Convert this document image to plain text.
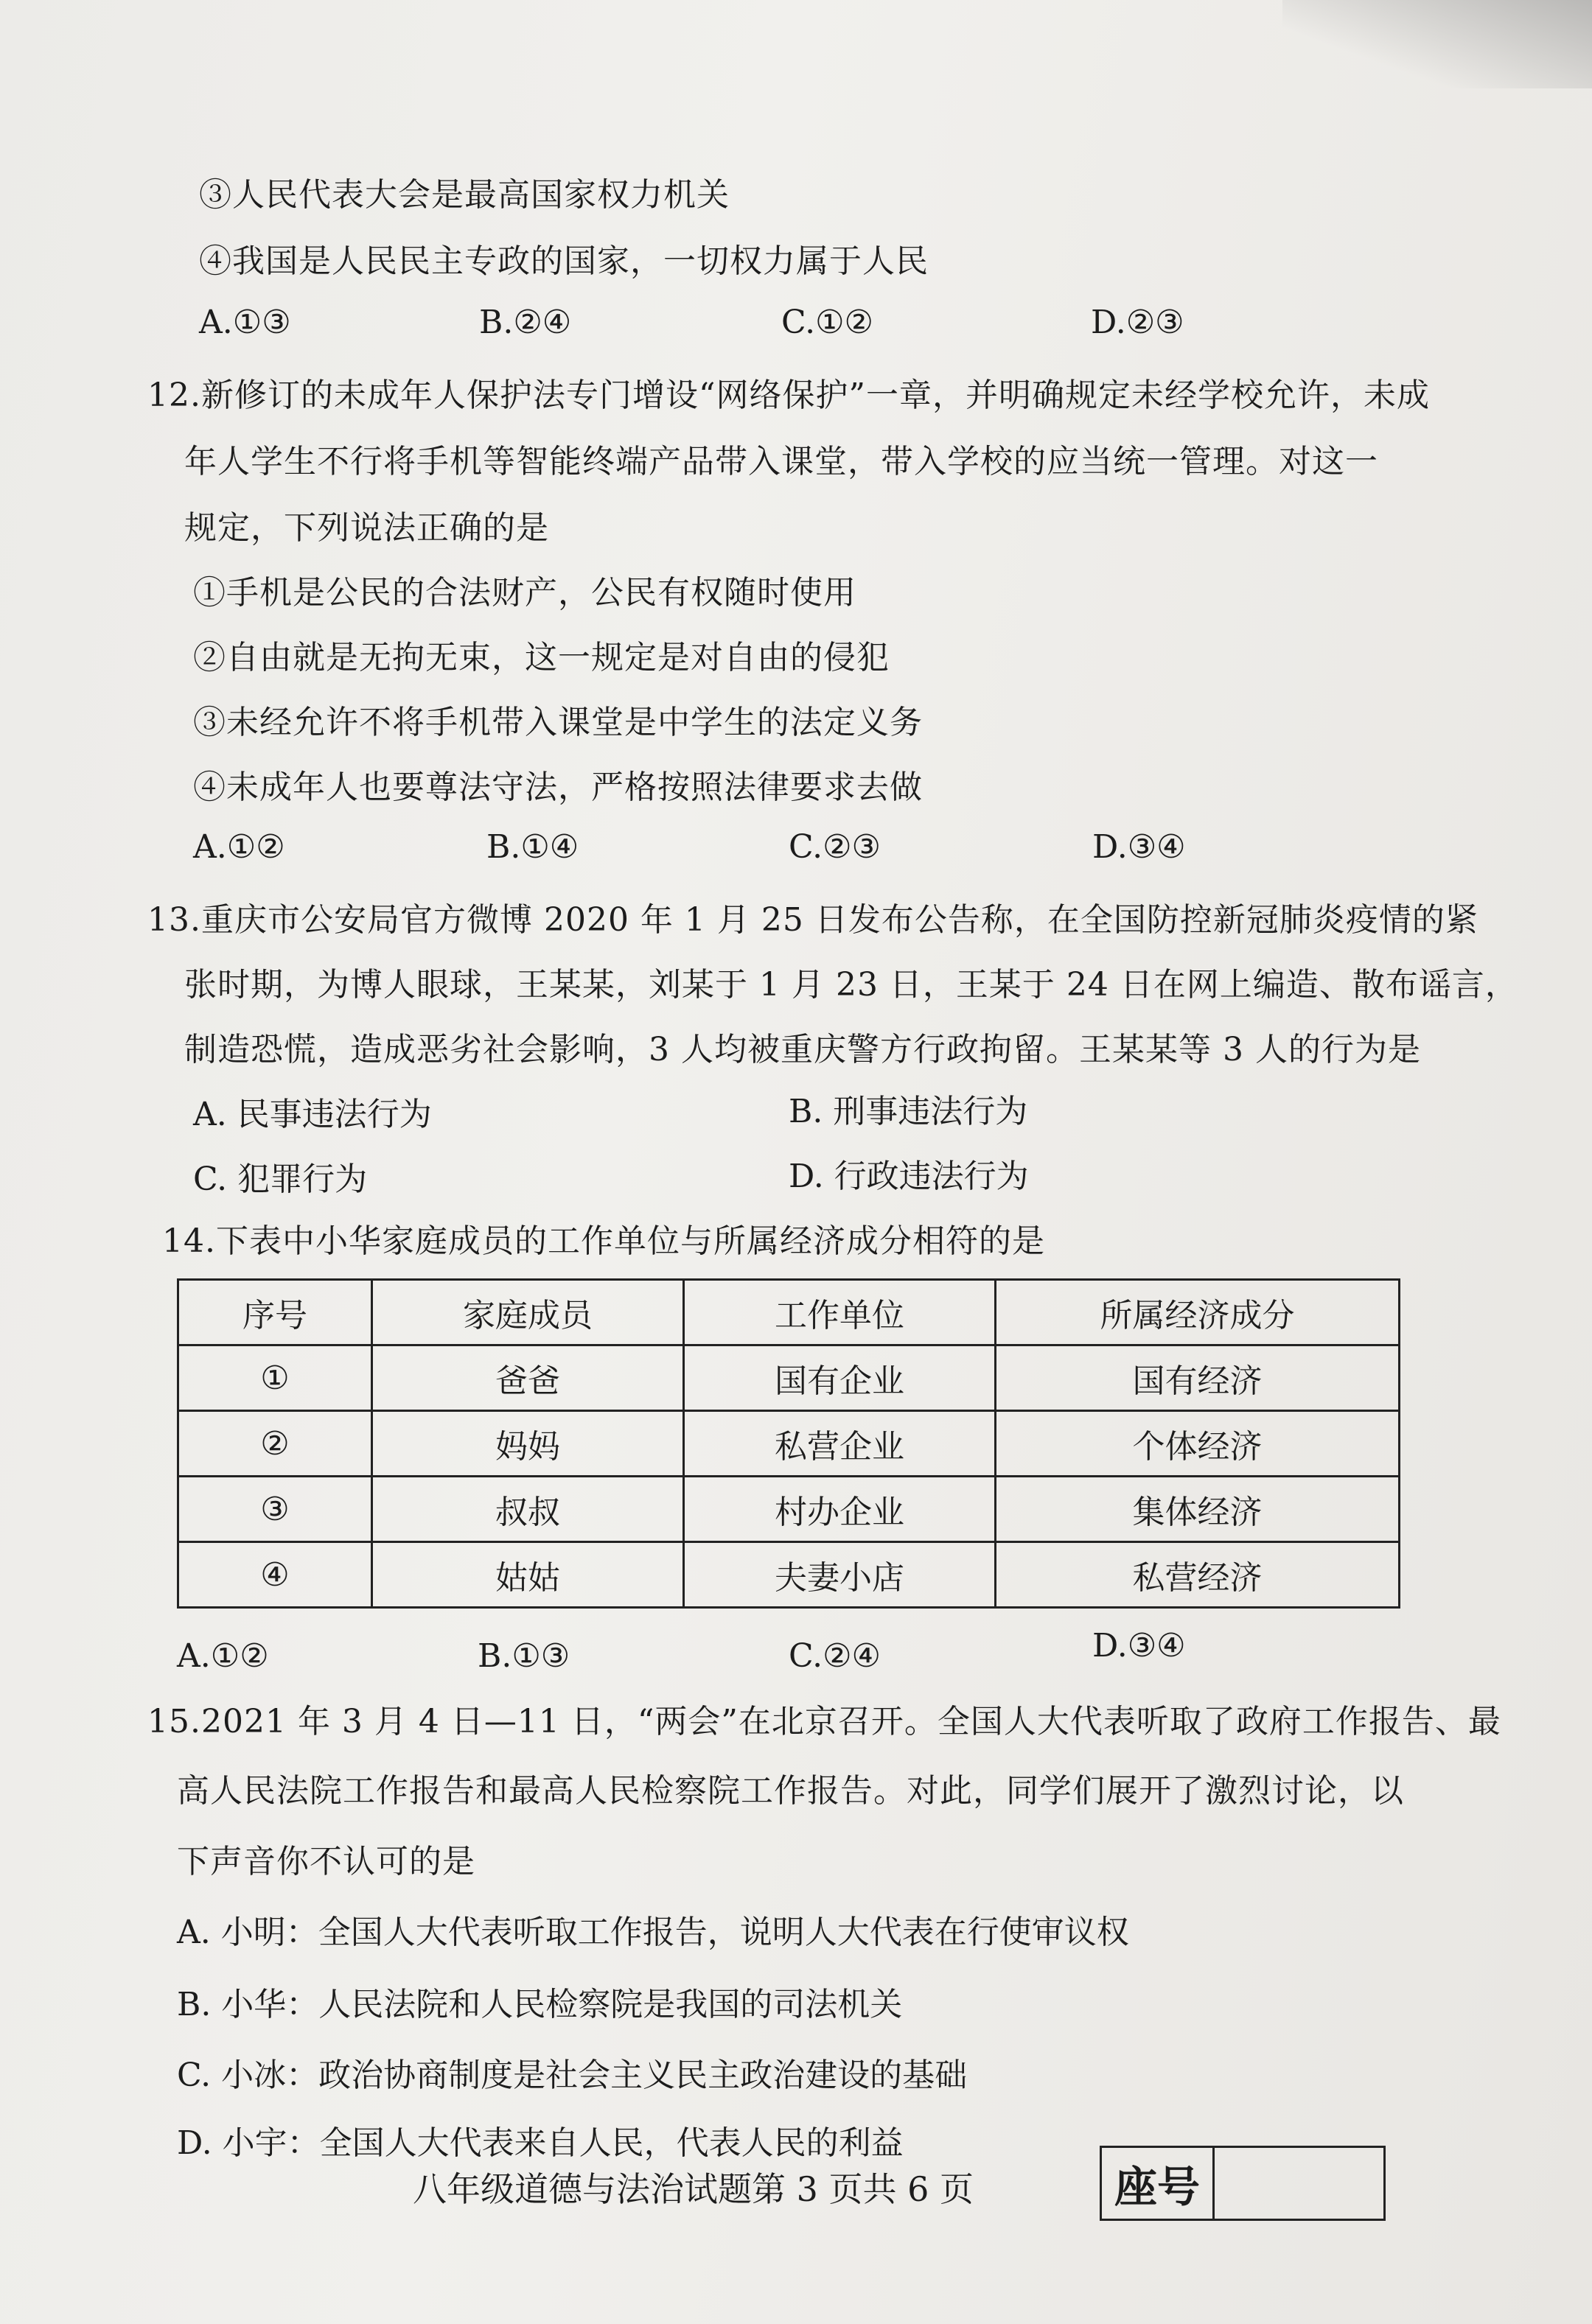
③人民代表大会是最高国家权力机关
④我国是人民民主专政的国家，一切权力属于人民
A.①③	B.②④	C.①②	D.②③
12.新修订的未成年人保护法专门增设“网络保护”一章，并明确规定未经学校允许，未成
年人学生不行将手机等智能终端产品带入课堂，带入学校的应当统一管理。对这一
规定，下列说法正确的是
①手机是公民的合法财产，公民有权随时使用
②自由就是无拘无束，这一规定是对自由的侵犯
③未经允许不将手机带入课堂是中学生的法定义务
④未成年人也要尊法守法，严格按照法律要求去做
A.①②	B.①④	C.②③	D.③④
13.重庆市公安局官方微博 2020 年 1 月 25 日发布公告称，在全国防控新冠肺炎疫情的紧
张时期，为博人眼球，王某某，刘某于 1 月 23 日，王某于 24 日在网上编造、散布谣言，
制造恐慌，造成恶劣社会影响，3 人均被重庆警方行政拘留。王某某等 3 人的行为是
A. 民事违法行为	B. 刑事违法行为
C. 犯罪行为	D. 行政违法行为
14.下表中小华家庭成员的工作单位与所属经济成分相符的是
序号	家庭成员	工作单位	所属经济成分
①	爸爸	国有企业	国有经济
②	妈妈	私营企业	个体经济
③	叔叔	村办企业	集体经济
④	姑姑	夫妻小店	私营经济
A.①②	B.①③	C.②④	D.③④
15.2021 年 3 月 4 日—11 日，“两会”在北京召开。全国人大代表听取了政府工作报告、最
高人民法院工作报告和最高人民检察院工作报告。对此，同学们展开了激烈讨论，以
下声音你不认可的是
A. 小明：全国人大代表听取工作报告，说明人大代表在行使审议权
B. 小华：人民法院和人民检察院是我国的司法机关
C. 小冰：政治协商制度是社会主义民主政治建设的基础
D. 小宇：全国人大代表来自人民，代表人民的利益
八年级道德与法治试题第 3 页共 6 页	座号
